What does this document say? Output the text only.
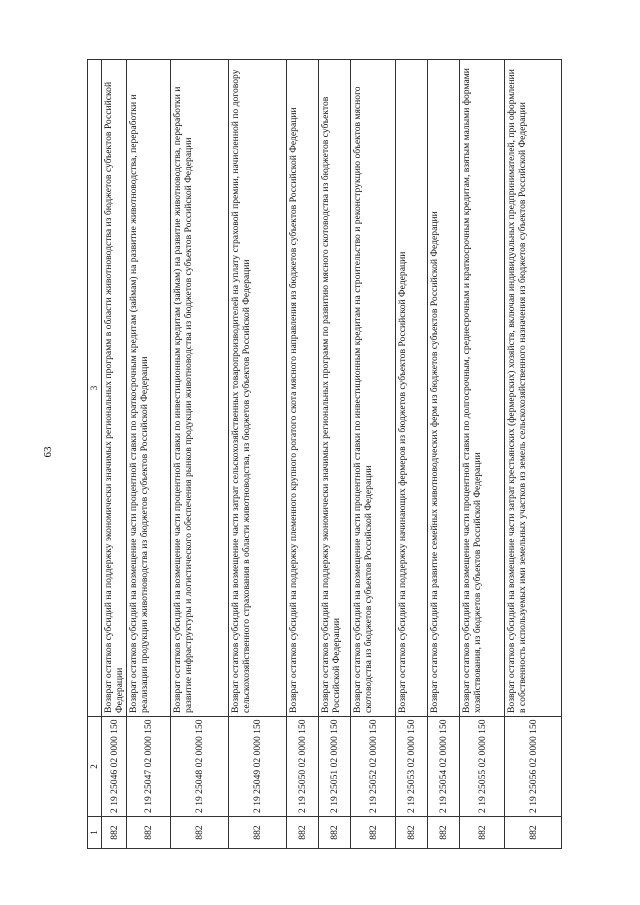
63
1	2	3
882	2 19 25046 02 0000 150	Возврат остатков субсидий на поддержку экономически значимых региональных программ в области животноводства из бюджетов субъектов Российской Федерации
882	2 19 25047 02 0000 150	Возврат остатков субсидий на возмещение части процентной ставки по краткосрочным кредитам (займам) на развитие животноводства, переработки и реализации продукции животноводства из бюджетов субъектов Российской Федерации
882	2 19 25048 02 0000 150	Возврат остатков субсидий на возмещение части процентной ставки по инвестиционным кредитам (займам) на развитие животноводства, переработки и развитие инфраструктуры и логистического обеспечения рынков продукции животноводства из бюджетов субъектов Российской Федерации
882	2 19 25049 02 0000 150	Возврат остатков субсидий на возмещение части затрат сельскохозяйственных товаропроизводителей на уплату страховой премии, начисленной по договору сельскохозяйственного страхования в области животноводства, из бюджетов субъектов Российской Федерации
882	2 19 25050 02 0000 150	Возврат остатков субсидий на поддержку племенного крупного рогатого скота мясного направления из бюджетов субъектов Российской Федерации
882	2 19 25051 02 0000 150	Возврат остатков субсидий на поддержку экономически значимых региональных программ по развитию мясного скотоводства из бюджетов субъектов Российской Федерации
882	2 19 25052 02 0000 150	Возврат остатков субсидий на возмещение части процентной ставки по инвестиционным кредитам на строительство и реконструкцию объектов мясного скотоводства из бюджетов субъектов Российской Федерации
882	2 19 25053 02 0000 150	Возврат остатков субсидий на поддержку начинающих фермеров из бюджетов субъектов Российской Федерации
882	2 19 25054 02 0000 150	Возврат остатков субсидий на развитие семейных животноводческих ферм из бюджетов субъектов Российской Федерации
882	2 19 25055 02 0000 150	Возврат остатков субсидий на возмещение части процентной ставки по долгосрочным, среднесрочным и краткосрочным кредитам, взятым малыми формами хозяйствования, из бюджетов субъектов Российской Федерации
882	2 19 25056 02 0000 150	Возврат остатков субсидий на возмещение части затрат крестьянских (фермерских) хозяйств, включая индивидуальных предпринимателей, при оформлении в собственность используемых ими земельных участков из земель сельскохозяйственного назначения из бюджетов субъектов Российской Федерации
